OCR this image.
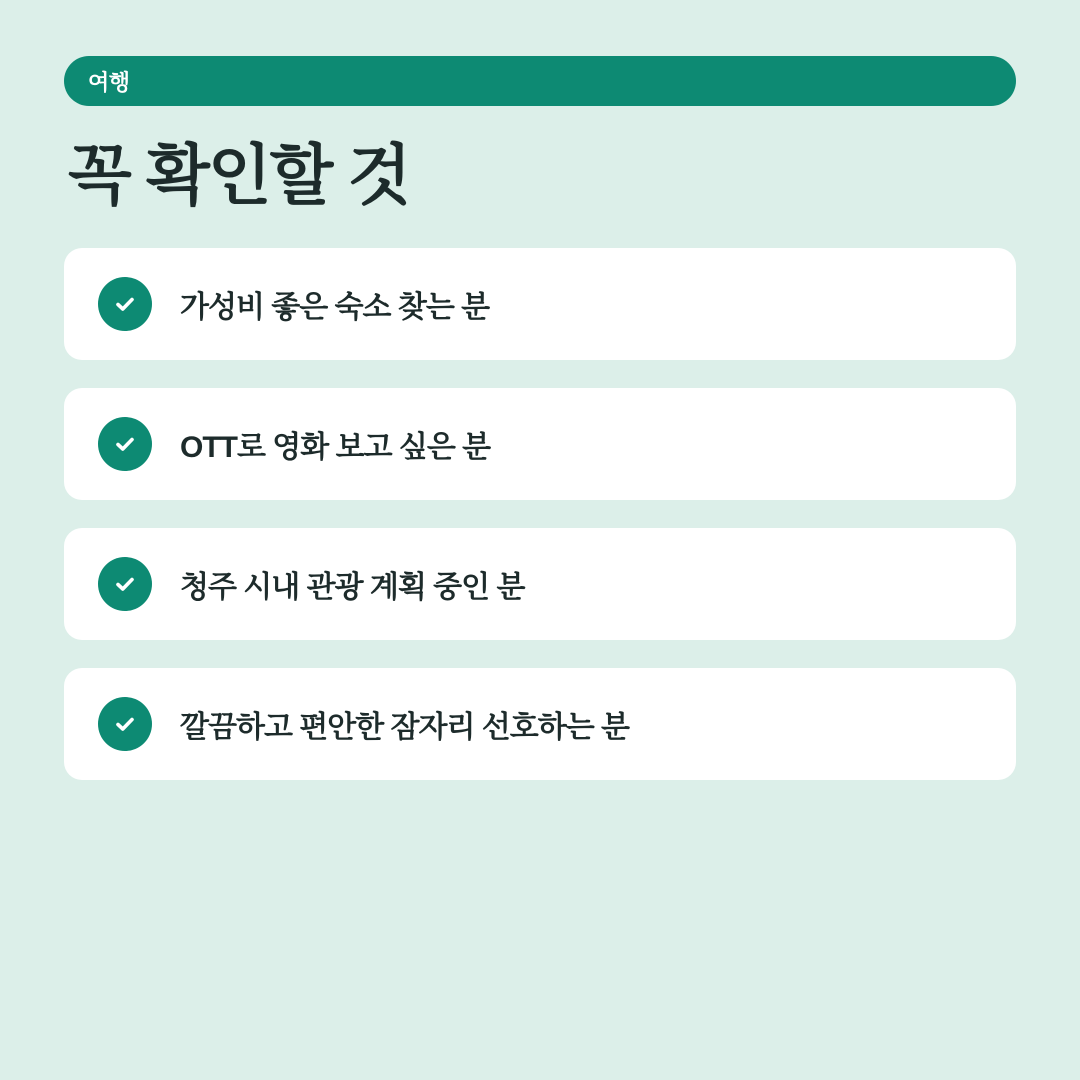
여행
꼭 확인할 것
가성비 좋은 숙소 찾는 분
OTT로 영화 보고 싶은 분
청주 시내 관광 계획 중인 분
깔끔하고 편안한 잠자리 선호하는 분
